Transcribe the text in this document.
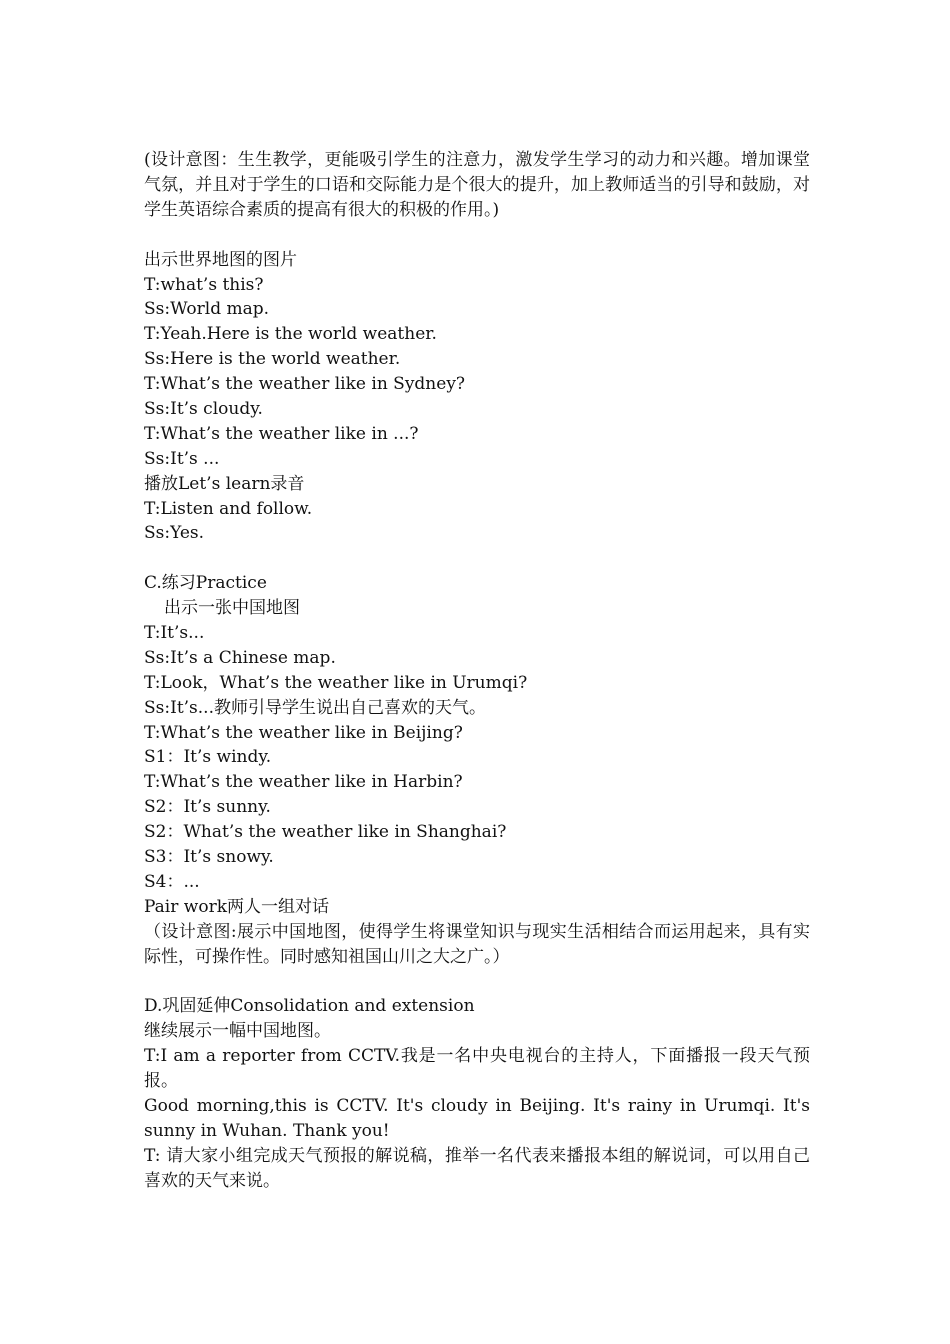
(设计意图：生生教学，更能吸引学生的注意力，激发学生学习的动力和兴趣。增加课堂气氛，并且对于学生的口语和交际能力是个很大的提升，加上教师适当的引导和鼓励，对学生英语综合素质的提高有很大的积极的作用。)
出示世界地图的图片
T:what’s this?
Ss:World map.
T:Yeah.Here is the world weather.
Ss:Here is the world weather.
T:What’s the weather like in Sydney?
Ss:It’s cloudy.
T:What’s the weather like in ...?
Ss:It’s ...
播放Let’s learn录音
T:Listen and follow.
Ss:Yes.
C.练习Practice
出示一张中国地图
T:It’s...
Ss:It’s a Chinese map.
T:Look，What’s the weather like in Urumqi?
Ss:It’s...教师引导学生说出自己喜欢的天气。
T:What’s the weather like in Beijing?
S1：It’s windy.
T:What’s the weather like in Harbin?
S2：It’s sunny.
S2：What’s the weather like in Shanghai?
S3：It’s snowy.
S4：...
Pair work两人一组对话
（设计意图:展示中国地图，使得学生将课堂知识与现实生活相结合而运用起来，具有实际性，可操作性。同时感知祖国山川之大之广。）
D.巩固延伸Consolidation and extension
继续展示一幅中国地图。
T:I am a reporter from CCTV.我是一名中央电视台的主持人，下面播报一段天气预报。
Good morning,this is CCTV. It's cloudy in Beijing. It's rainy in Urumqi. It's sunny in Wuhan. Thank you!
T: 请大家小组完成天气预报的解说稿，推举一名代表来播报本组的解说词，可以用自己喜欢的天气来说。
